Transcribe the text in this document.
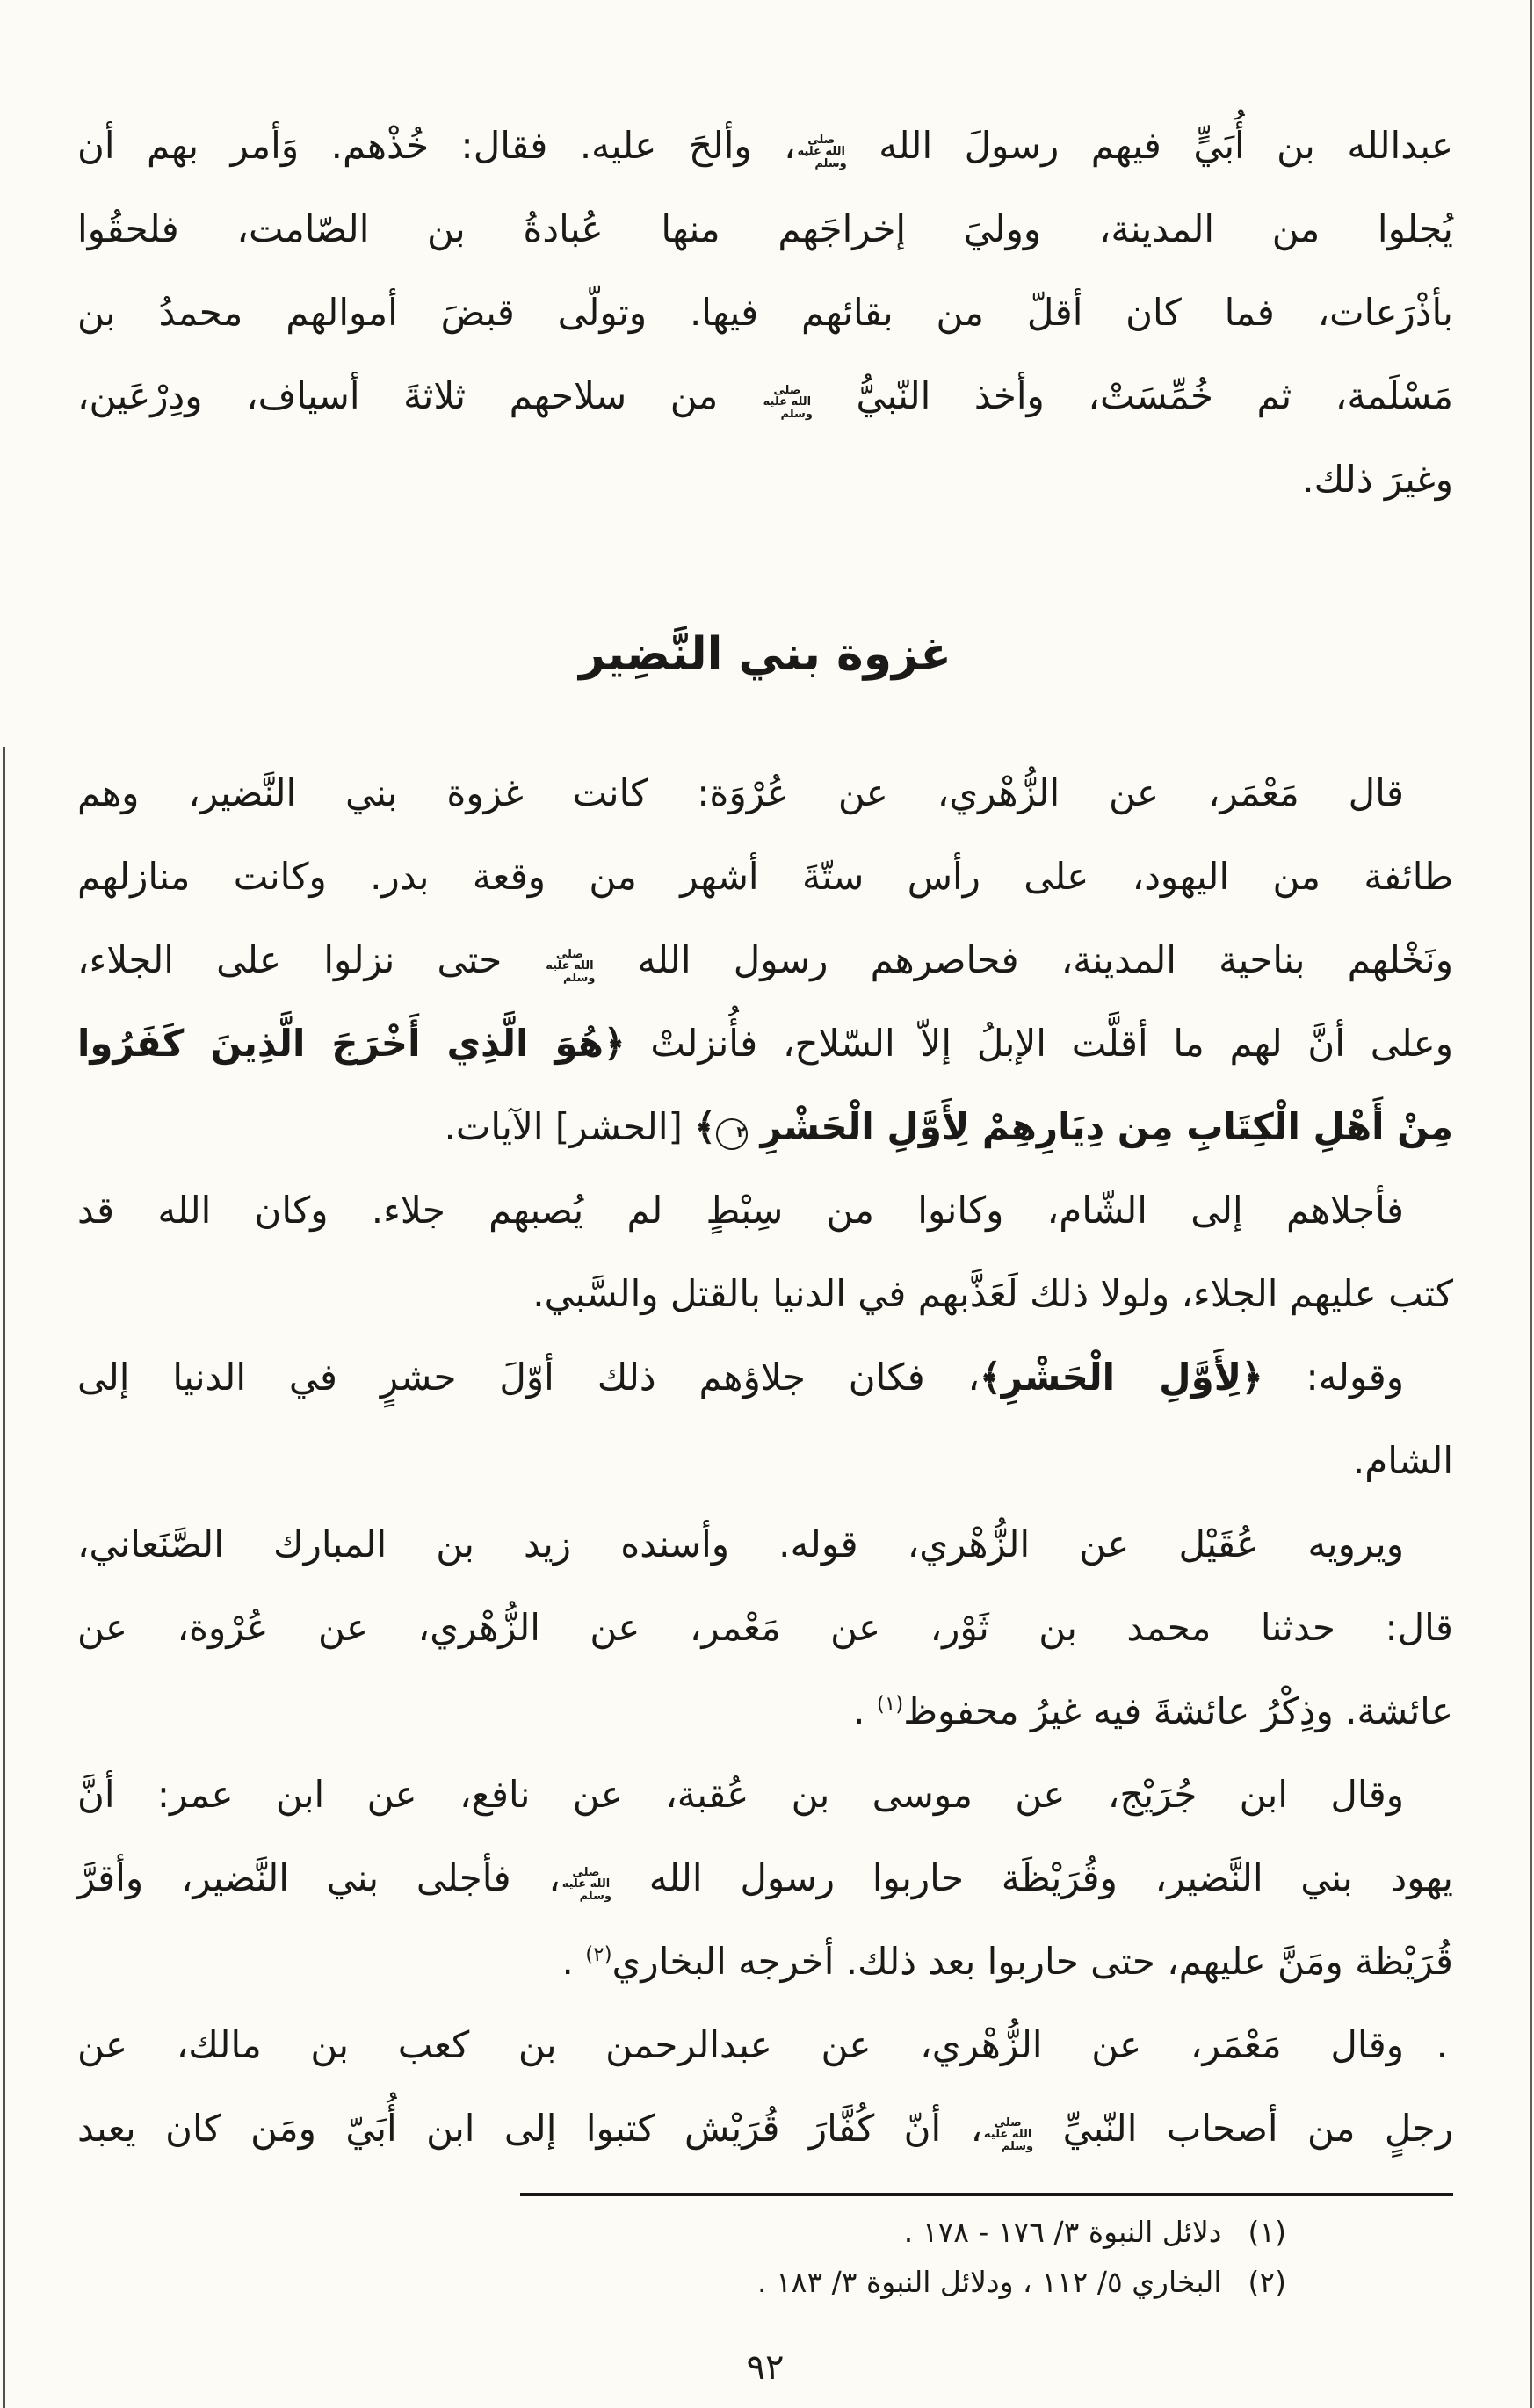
عبدالله بن أُبَيٍّ فيهم رسولَ الله صلى الله عليه وسلم، وألحَ عليه. فقال: خُذْهم. وَأمر بهم أن
يُجلوا من المدينة، ووليَ إخراجَهم منها عُبادةُ بن الصّامت، فلحقُوا
بأذْرَعات، فما كان أقلّ من بقائهم فيها. وتولّى قبضَ أموالهم محمدُ بن
مَسْلَمة، ثم خُمِّسَتْ، وأخذ النّبيُّ صلى الله عليه وسلم من سلاحهم ثلاثةَ أسياف، ودِرْعَين،
وغيرَ ذلك.
غزوة بني النَّضِير
قال مَعْمَر، عن الزُّهْري، عن عُرْوَة: كانت غزوة بني النَّضير، وهم
طائفة من اليهود، على رأس ستّةَ أشهر من وقعة بدر. وكانت منازلهم
ونَخْلهم بناحية المدينة، فحاصرهم رسول الله صلى الله عليه وسلم حتى نزلوا على الجلاء،
وعلى أنَّ لهم ما أقلَّت الإبلُ إلاّ السّلاح، فأُنزلتْ ﴿هُوَ الَّذِي أَخْرَجَ الَّذِينَ كَفَرُوا
مِنْ أَهْلِ الْكِتَابِ مِن دِيَارِهِمْ لِأَوَّلِ الْحَشْرِ ٢﴾ [الحشر] الآيات.
فأجلاهم إلى الشّام، وكانوا من سِبْطٍ لم يُصبهم جلاء. وكان الله قد
كتب عليهم الجلاء، ولولا ذلك لَعَذَّبهم في الدنيا بالقتل والسَّبي.
وقوله: ﴿لِأَوَّلِ الْحَشْرِ﴾، فكان جلاؤهم ذلك أوّلَ حشرٍ في الدنيا إلى
الشام.
ويرويه عُقَيْل عن الزُّهْري، قوله. وأسنده زيد بن المبارك الصَّنَعاني،
قال: حدثنا محمد بن ثَوْر، عن مَعْمر، عن الزُّهْري، عن عُرْوة، عن
عائشة. وذِكْرُ عائشةَ فيه غيرُ محفوظ$^{(١)}$ .
وقال ابن جُرَيْج، عن موسى بن عُقبة، عن نافع، عن ابن عمر: أنَّ
يهود بني النَّضير، وقُرَيْظَة حاربوا رسول الله صلى الله عليه وسلم، فأجلى بني النَّضير، وأقرَّ
قُرَيْظة ومَنَّ عليهم، حتى حاربوا بعد ذلك. أخرجه البخاري$^{(٢)}$ .
.
وقال مَعْمَر، عن الزُّهْري، عن عبدالرحمن بن كعب بن مالك، عن
رجلٍ من أصحاب النّبيِّ صلى الله عليه وسلم، أنّ كُفَّارَ قُرَيْش كتبوا إلى ابن أُبَيّ ومَن كان يعبد
(١)دلائل النبوة ٣/ ١٧٦ - ١٧٨ .
(٢)البخاري ٥/ ١١٢ ، ودلائل النبوة ٣/ ١٨٣ .
٩٢
